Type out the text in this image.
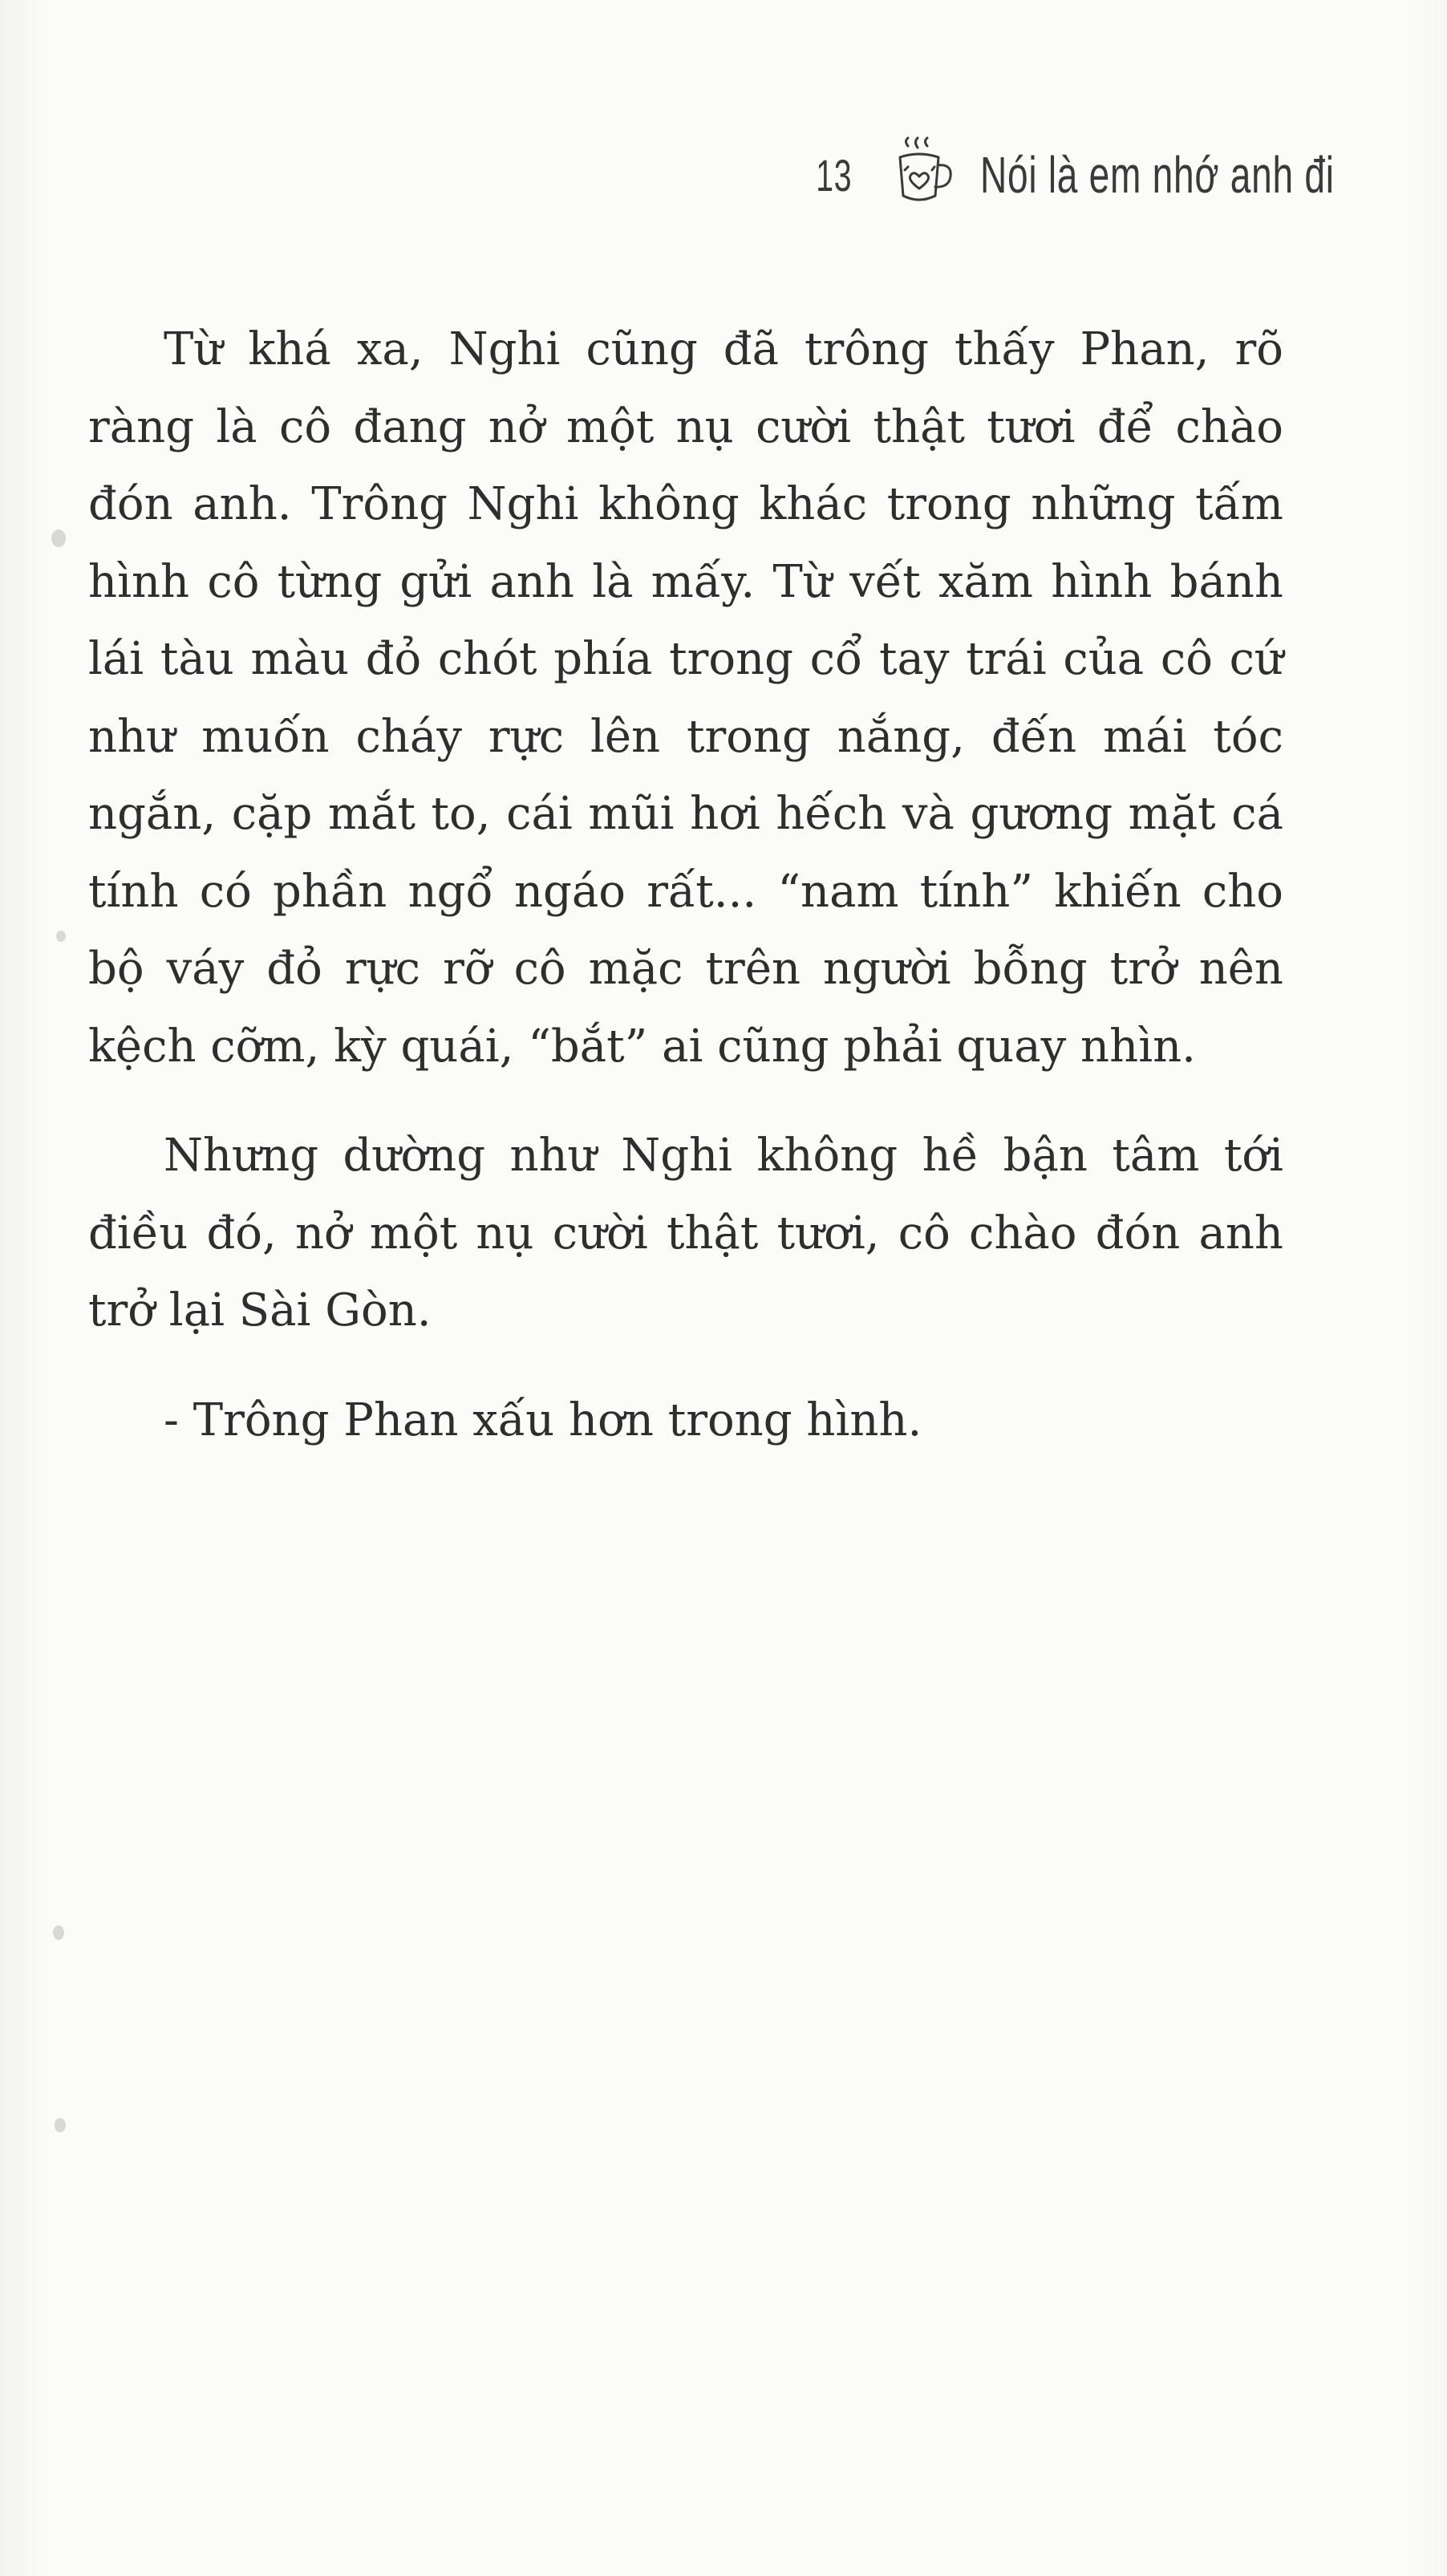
13	Nói là em nhớ anh đi

Từ khá xa, Nghi cũng đã trông thấy Phan, rõ ràng là cô đang nở một nụ cười thật tươi để chào đón anh. Trông Nghi không khác trong những tấm hình cô từng gửi anh là mấy. Từ vết xăm hình bánh lái tàu màu đỏ chót phía trong cổ tay trái của cô cứ như muốn cháy rực lên trong nắng, đến mái tóc ngắn, cặp mắt to, cái mũi hơi hếch và gương mặt cá tính có phần ngổ ngáo rất... “nam tính” khiến cho bộ váy đỏ rực rỡ cô mặc trên người bỗng trở nên kệch cỡm, kỳ quái, “bắt” ai cũng phải quay nhìn.

Nhưng dường như Nghi không hề bận tâm tới điều đó, nở một nụ cười thật tươi, cô chào đón anh trở lại Sài Gòn.

- Trông Phan xấu hơn trong hình.
